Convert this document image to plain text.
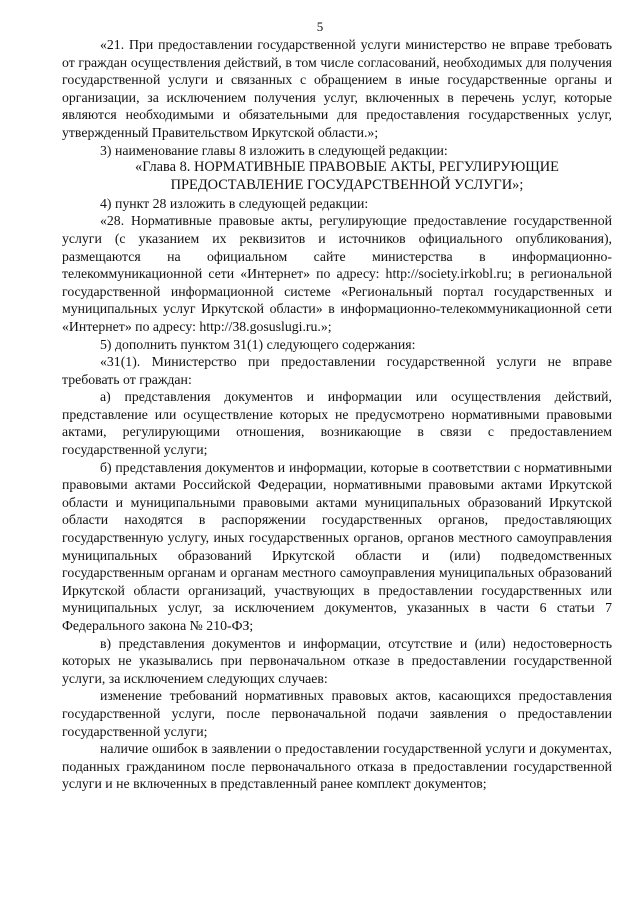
5

«21. При предоставлении государственной услуги министерство не вправе требовать от граждан осуществления действий, в том числе согласований, необходимых для получения государственной услуги и связанных с обращением в иные государственные органы и организации, за исключением получения услуг, включенных в перечень услуг, которые являются необходимыми и обязательными для предоставления государственных услуг, утвержденный Правительством Иркутской области.»;

3) наименование главы 8 изложить в следующей редакции:

«Глава 8. НОРМАТИВНЫЕ ПРАВОВЫЕ АКТЫ, РЕГУЛИРУЮЩИЕ ПРЕДОСТАВЛЕНИЕ ГОСУДАРСТВЕННОЙ УСЛУГИ»;

4) пункт 28 изложить в следующей редакции:

«28. Нормативные правовые акты, регулирующие предоставление государственной услуги (с указанием их реквизитов и источников официального опубликования), размещаются на официальном сайте министерства в информационно-телекоммуникационной сети «Интернет» по адресу: http://society.irkobl.ru; в региональной государственной информационной системе «Региональный портал государственных и муниципальных услуг Иркутской области» в информационно-телекоммуникационной сети «Интернет» по адресу: http://38.gosuslugi.ru.»;

5) дополнить пунктом 31(1) следующего содержания:

«31(1). Министерство при предоставлении государственной услуги не вправе требовать от граждан:

а) представления документов и информации или осуществления действий, представление или осуществление которых не предусмотрено нормативными правовыми актами, регулирующими отношения, возникающие в связи с предоставлением государственной услуги;

б) представления документов и информации, которые в соответствии с нормативными правовыми актами Российской Федерации, нормативными правовыми актами Иркутской области и муниципальными правовыми актами муниципальных образований Иркутской области находятся в распоряжении государственных органов, предоставляющих государственную услугу, иных государственных органов, органов местного самоуправления муниципальных образований Иркутской области и (или) подведомственных государственным органам и органам местного самоуправления муниципальных образований Иркутской области организаций, участвующих в предоставлении государственных или муниципальных услуг, за исключением документов, указанных в части 6 статьи 7 Федерального закона № 210-ФЗ;

в) представления документов и информации, отсутствие и (или) недостоверность которых не указывались при первоначальном отказе в предоставлении государственной услуги, за исключением следующих случаев:

изменение требований нормативных правовых актов, касающихся предоставления государственной услуги, после первоначальной подачи заявления о предоставлении государственной услуги;

наличие ошибок в заявлении о предоставлении государственной услуги и документах, поданных гражданином после первоначального отказа в предоставлении государственной услуги и не включенных в представленный ранее комплект документов;
